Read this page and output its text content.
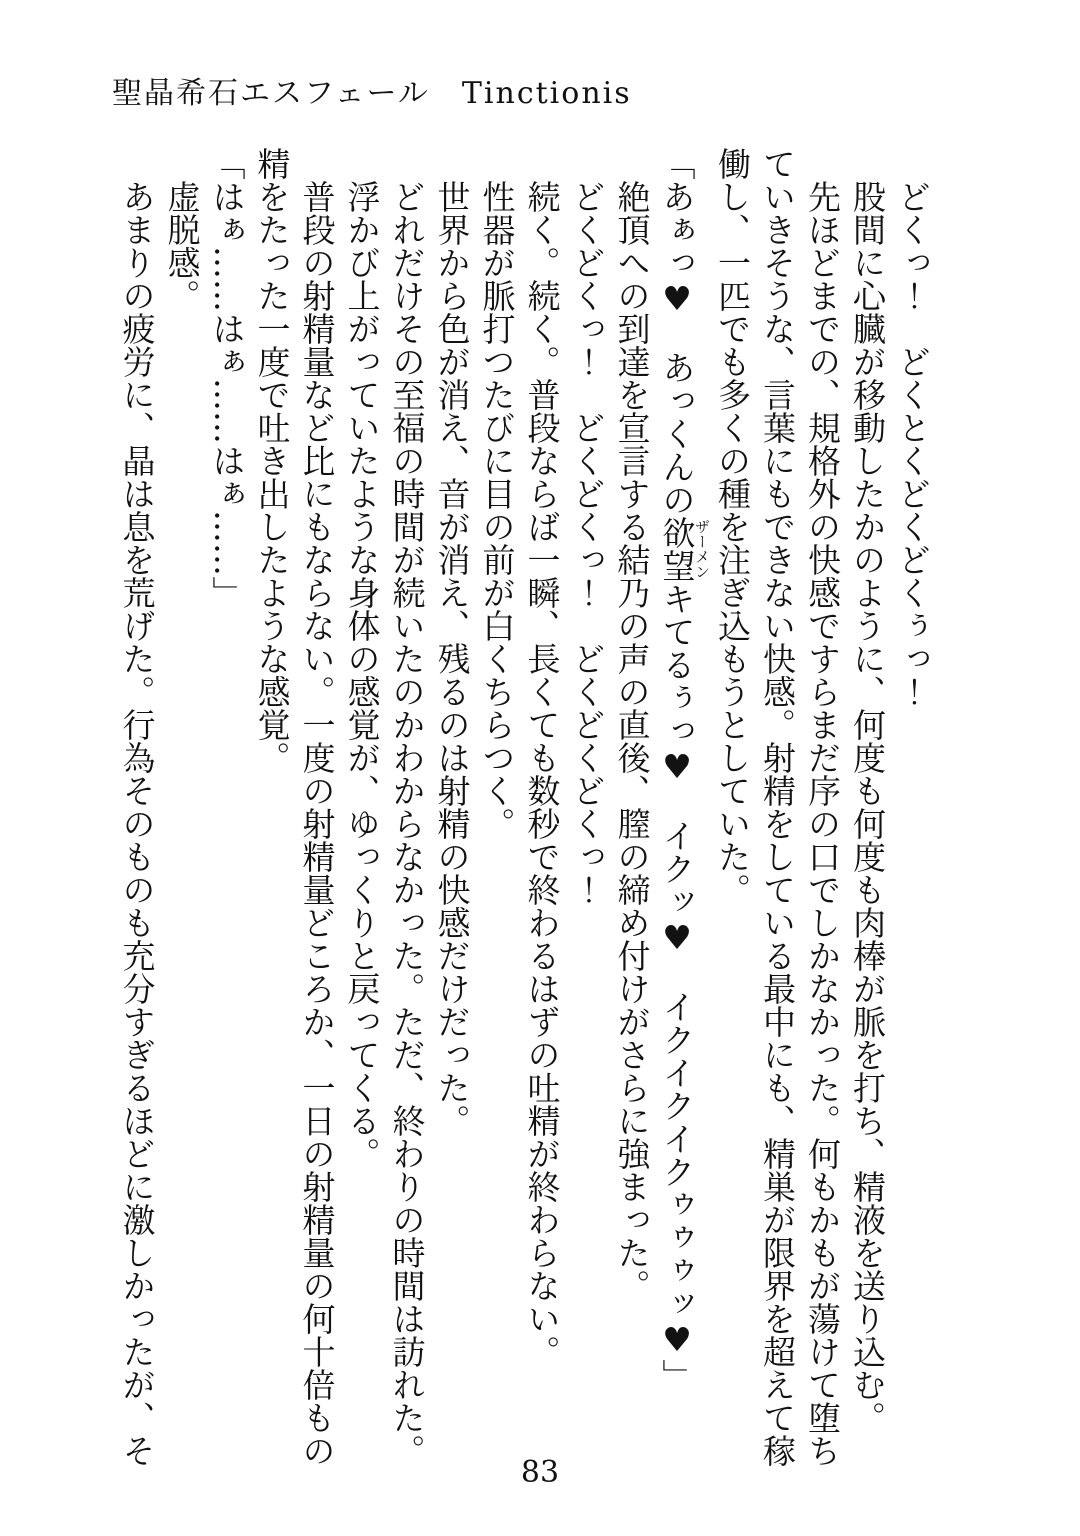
聖晶希石エスフェール　Tinctionis

どくっ！　どくとくどくどくぅっ！

股間に心臓が移動したかのように、何度も何度も肉棒が脈を打ち、精液を送り込む。

先ほどまでの、規格外の快感ですらまだ序の口でしかなかった。何もかもが蕩けて堕ち

ていきそうな、言葉にもできない快感。射精をしている最中にも、精巣が限界を超えて稼

働し、一匹でも多くの種を注ぎ込もうとしていた。

「あぁっ♥　あっくんの欲望ザーメンキてるぅっ♥　イクッ♥　イクイクイクゥゥゥッ♥」

絶頂への到達を宣言する結乃の声の直後、膣の締め付けがさらに強まった。

どくどくっ！　どくどくっ！　どくどくどくっ！

続く。続く。普段ならば一瞬、長くても数秒で終わるはずの吐精が終わらない。

性器が脈打つたびに目の前が白くちらつく。

世界から色が消え、音が消え、残るのは射精の快感だけだった。

どれだけその至福の時間が続いたのかわからなかった。ただ、終わりの時間は訪れた。

浮かび上がっていたような身体の感覚が、ゆっくりと戻ってくる。

普段の射精量など比にもならない。一度の射精量どころか、一日の射精量の何十倍もの

精をたった一度で吐き出したような感覚。

「はぁ……はぁ……はぁ……」

虚脱感。

あまりの疲労に、晶は息を荒げた。行為そのものも充分すぎるほどに激しかったが、そ

83
